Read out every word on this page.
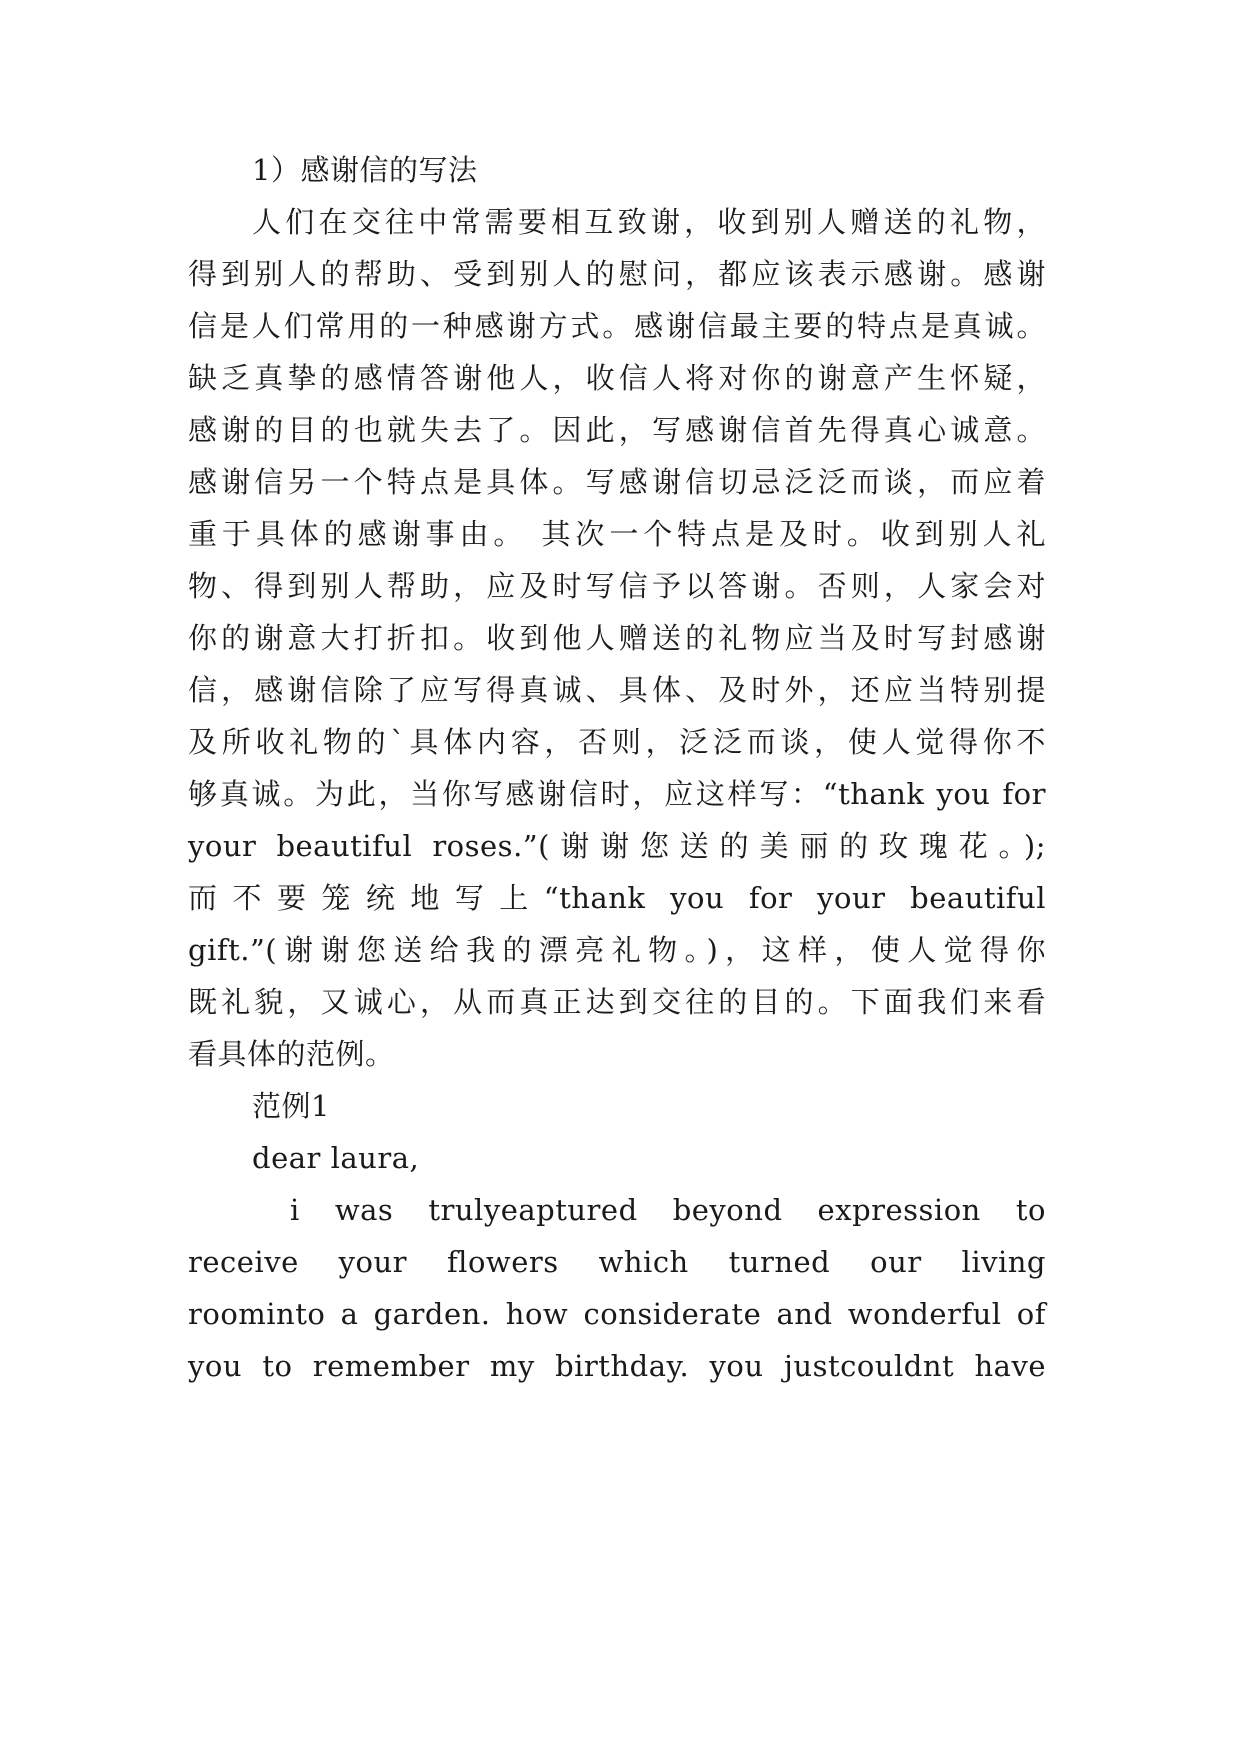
1）感谢信的写法
人们在交往中常需要相互致谢，收到别人赠送的礼物，
得到别人的帮助、受到别人的慰问，都应该表示感谢。感谢
信是人们常用的一种感谢方式。感谢信最主要的特点是真诚。
缺乏真挚的感情答谢他人，收信人将对你的谢意产生怀疑，
感谢的目的也就失去了。因此，写感谢信首先得真心诚意。
感谢信另一个特点是具体。写感谢信切忌泛泛而谈，而应着
重于具体的感谢事由。 其次一个特点是及时。收到别人礼
物、得到别人帮助，应及时写信予以答谢。否则，人家会对
你的谢意大打折扣。收到他人赠送的礼物应当及时写封感谢
信，感谢信除了应写得真诚、具体、及时外，还应当特别提
及所收礼物的`具体内容，否则，泛泛而谈，使人觉得你不
够真诚。为此，当你写感谢信时，应这样写：“thank you for
your beautiful roses.”(谢谢您送的美丽的玫瑰花。);
而不要笼统地写上“thank you for your beautiful
gift.”(谢谢您送给我的漂亮礼物。)，这样，使人觉得你
既礼貌，又诚心，从而真正达到交往的目的。下面我们来看
看具体的范例。
范例1
dear laura,
i was trulyeaptured beyond expression to
receive your flowers which turned our living
roominto a garden. how considerate and wonderful of
you to remember my birthday. you justcouldnt have
